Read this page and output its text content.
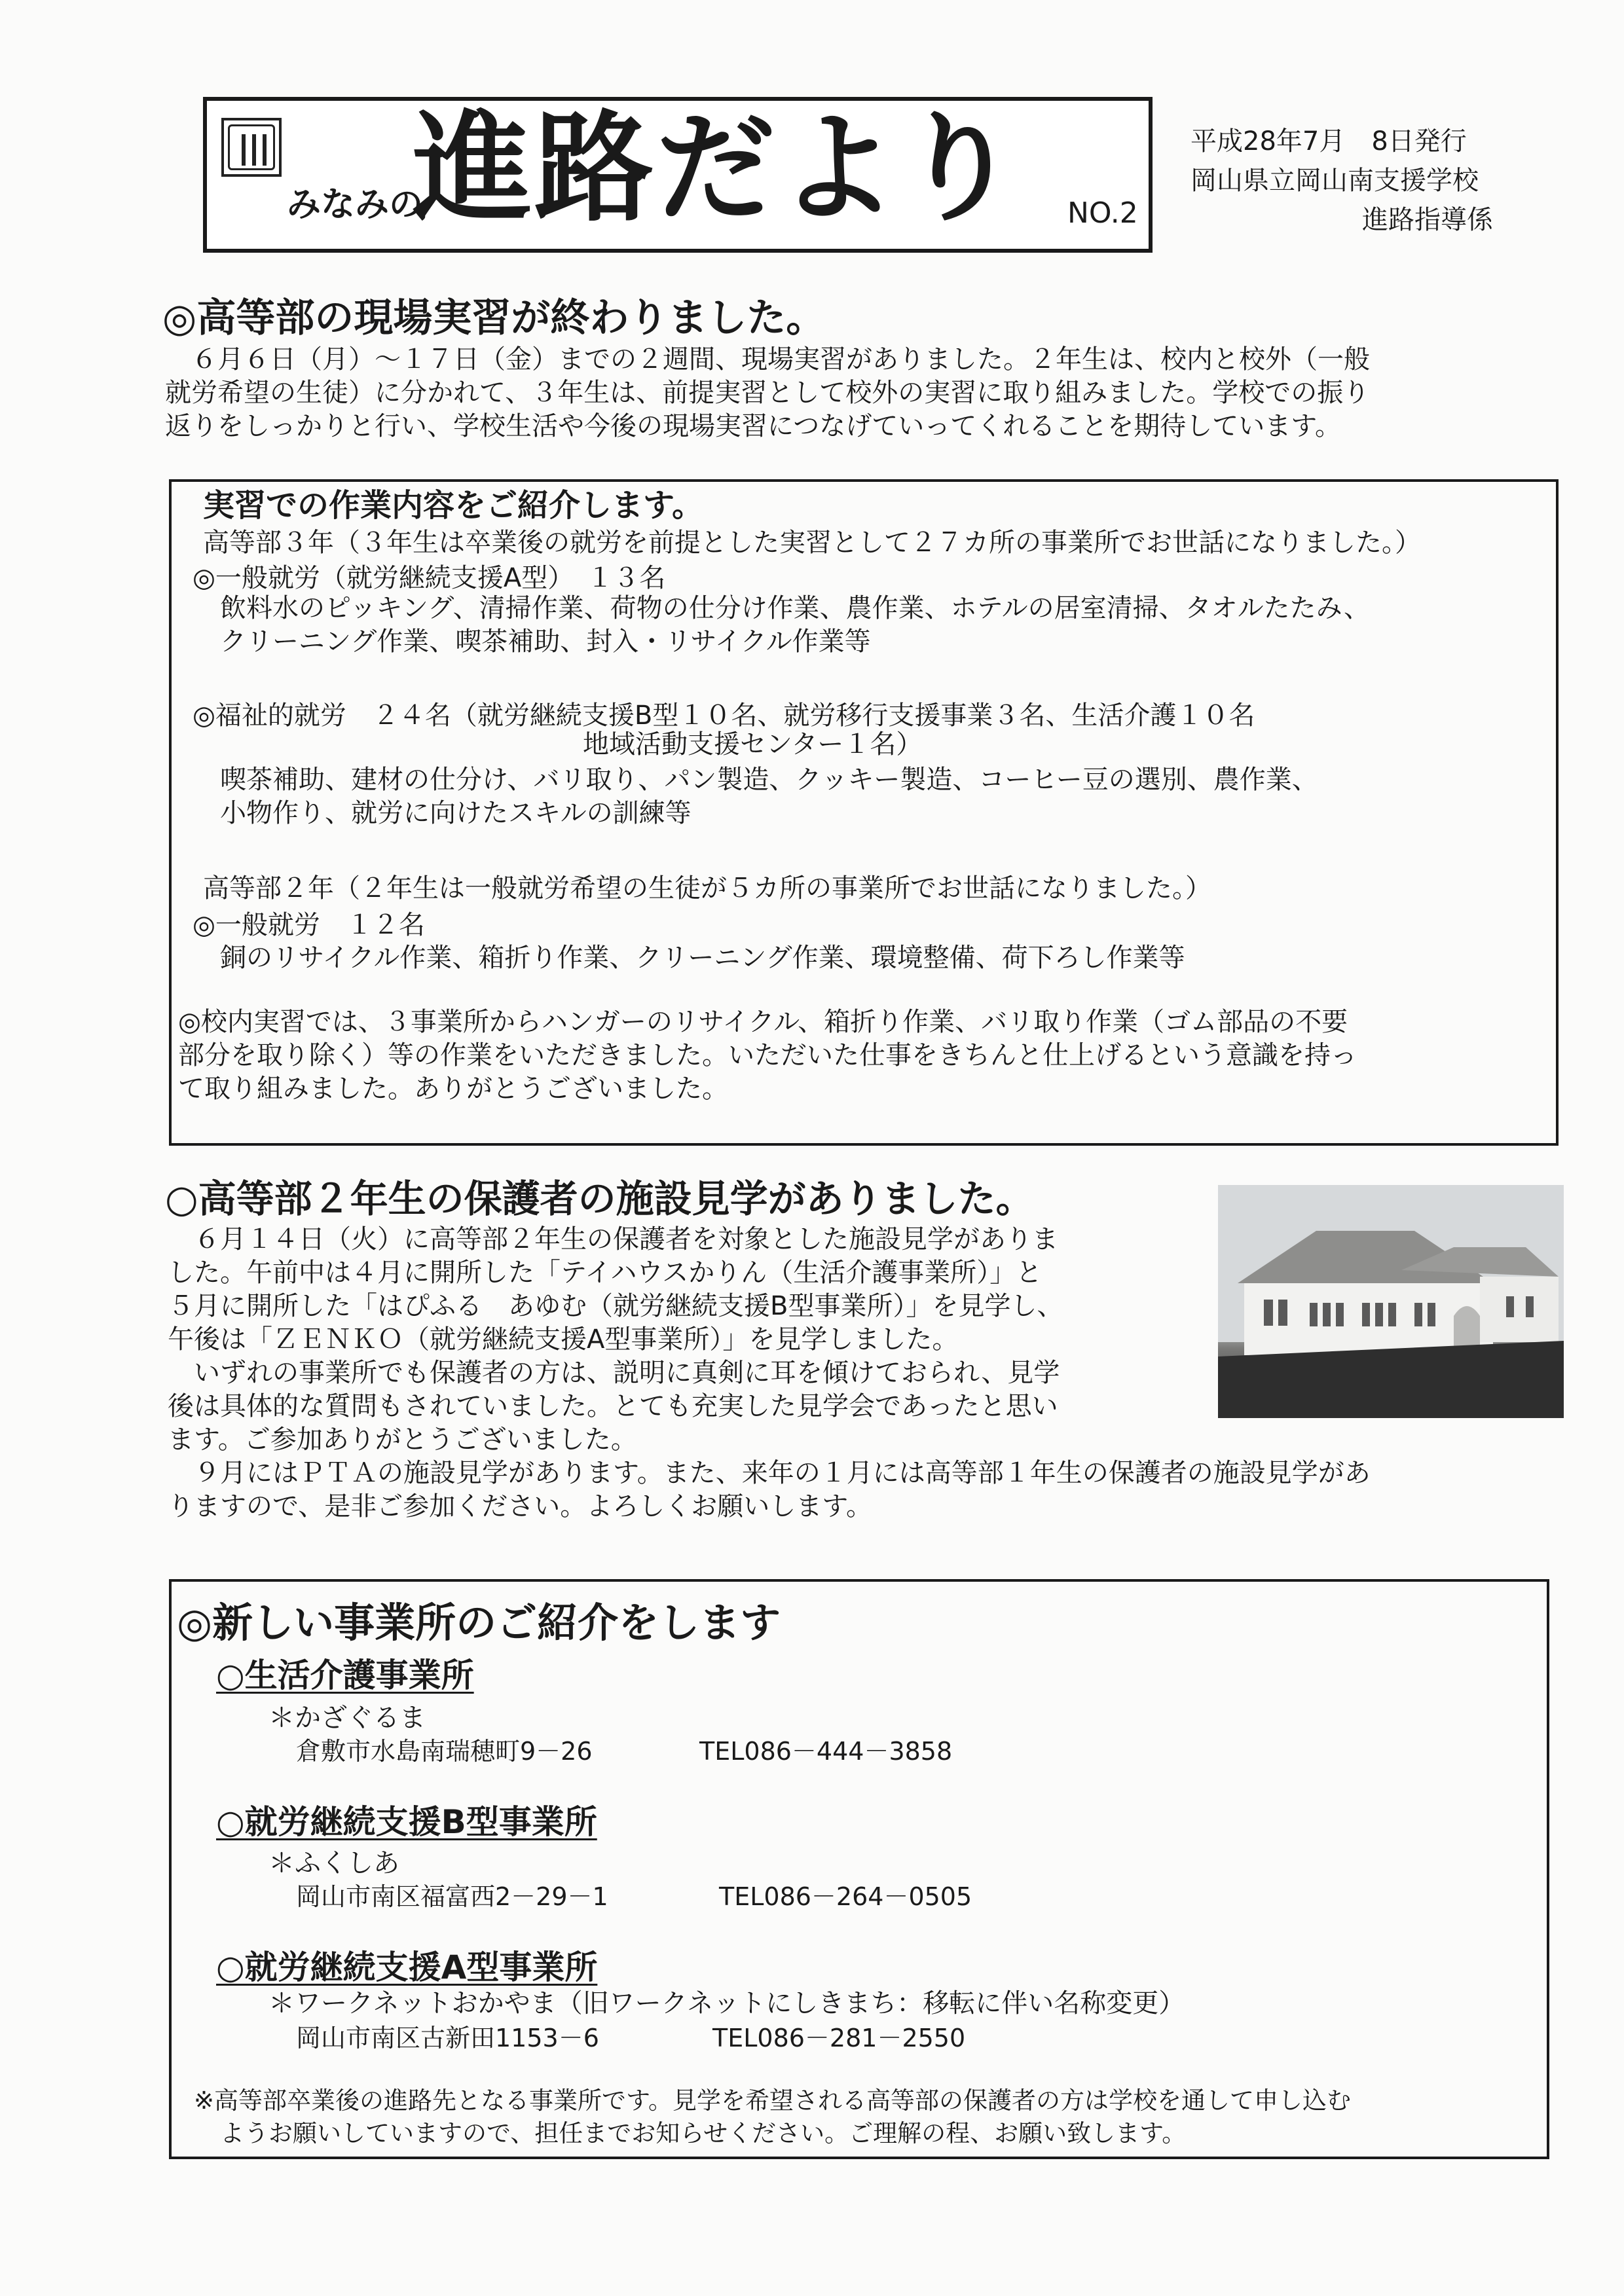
みなみの
進路だより NO.2
平成28年7月　8日発行
岡山県立岡山南支援学校
進路指導係
◎高等部の現場実習が終わりました。
　６月６日（月）～１７日（金）までの２週間、現場実習がありました。２年生は、校内と校外（一般
就労希望の生徒）に分かれて、３年生は、前提実習として校外の実習に取り組みました。学校での振り
返りをしっかりと行い、学校生活や今後の現場実習につなげていってくれることを期待しています。
実習での作業内容をご紹介します。
高等部３年（３年生は卒業後の就労を前提とした実習として２７カ所の事業所でお世話になりました。）
◎一般就労（就労継続支援A型）　１３名
飲料水のピッキング、清掃作業、荷物の仕分け作業、農作業、ホテルの居室清掃、タオルたたみ、
クリーニング作業、喫茶補助、封入・リサイクル作業等
◎福祉的就労　２４名（就労継続支援B型１０名、就労移行支援事業３名、生活介護１０名
地域活動支援センター１名）
喫茶補助、建材の仕分け、バリ取り、パン製造、クッキー製造、コーヒー豆の選別、農作業、
小物作り、就労に向けたスキルの訓練等
高等部２年（２年生は一般就労希望の生徒が５カ所の事業所でお世話になりました。）
◎一般就労　１２名
銅のリサイクル作業、箱折り作業、クリーニング作業、環境整備、荷下ろし作業等
◎校内実習では、３事業所からハンガーのリサイクル、箱折り作業、バリ取り作業（ゴム部品の不要
部分を取り除く）等の作業をいただきました。いただいた仕事をきちんと仕上げるという意識を持っ
て取り組みました。ありがとうございました。
○高等部２年生の保護者の施設見学がありました。
　６月１４日（火）に高等部２年生の保護者を対象とした施設見学がありま
した。午前中は４月に開所した「テイハウスかりん（生活介護事業所）」と
５月に開所した「はぴふる　あゆむ（就労継続支援B型事業所）」を見学し、
午後は「ＺＥＮＫＯ（就労継続支援A型事業所）」を見学しました。
　いずれの事業所でも保護者の方は、説明に真剣に耳を傾けておられ、見学
後は具体的な質問もされていました。とても充実した見学会であったと思い
ます。ご参加ありがとうございました。
　９月にはＰＴＡの施設見学があります。また、来年の１月には高等部１年生の保護者の施設見学があ
りますので、是非ご参加ください。よろしくお願いします。
◎新しい事業所のご紹介をします
○生活介護事業所
＊かざぐるま
倉敷市水島南瑞穂町9－26	TEL086－444－3858
○就労継続支援B型事業所
＊ふくしあ
岡山市南区福富西2－29－1	TEL086－264－0505
○就労継続支援A型事業所
＊ワークネットおかやま（旧ワークネットにしきまち：移転に伴い名称変更）
岡山市南区古新田1153－6	TEL086－281－2550
※高等部卒業後の進路先となる事業所です。見学を希望される高等部の保護者の方は学校を通して申し込む
ようお願いしていますので、担任までお知らせください。ご理解の程、お願い致します。
